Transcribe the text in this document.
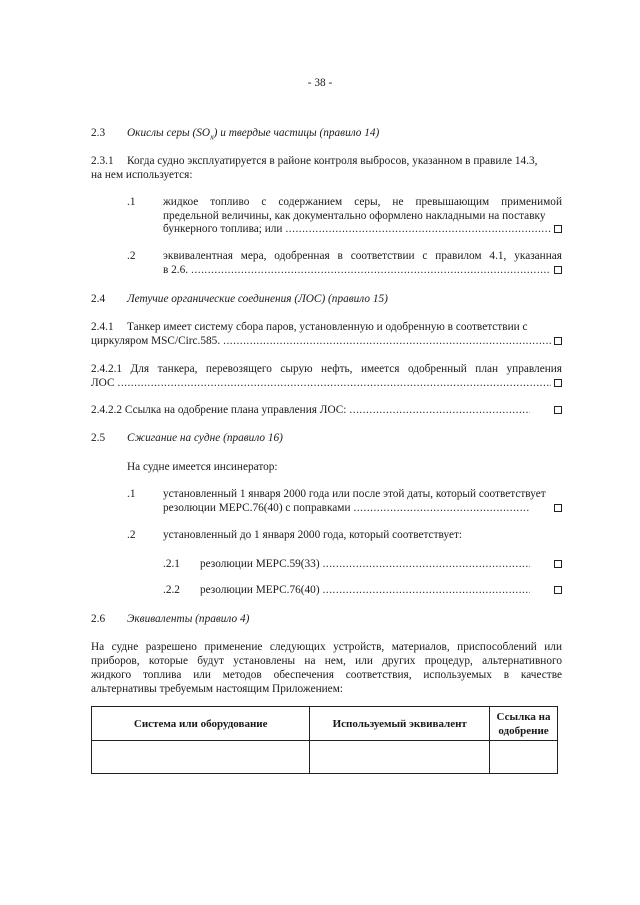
- 38 -
2.3 Окислы серы $(SO_x)$ и твердые частицы (правило 14)
2.3.1 Когда судно эксплуатируется в районе контроля выбросов, указанном в правиле 14.3,
на нем используется:
.1 жидкое топливо с содержанием серы, не превышающим применимой
предельной величины, как документально оформлено накладными на поставку
бункерного топлива; или
.....
.2 эквивалентная мера, одобренная в соответствии с правилом 4.1, указанная
в 2.6.
.....
2.4 Летучие органические соединения (ЛОС) (правило 15)
2.4.1 Танкер имеет систему сбора паров, установленную и одобренную в соответствии с
циркуляром MSC/Circ.585.
.....
2.4.2.1 Для танкера, перевозящего сырую нефть, имеется одобренный план управления
ЛОС
.....
2.4.2.2 Ссылка на одобрение плана управления ЛОС:
.....
2.5 Сжигание на судне (правило 16)
На судне имеется инсинератор:
.1 установленный 1 января 2000 года или после этой даты, который соответствует
резолюции МЕРС.76(40) с поправками
.....
.2 установленный до 1 января 2000 года, который соответствует:
.2.1 резолюции МЕРС.59(33)
.....
.2.2 резолюции МЕРС.76(40)
.....
2.6 Эквиваленты (правило 4)
На судне разрешено применение следующих устройств, материалов, приспособлений или
приборов, которые будут установлены на нем, или других процедур, альтернативного
жидкого топлива или методов обеспечения соответствия, используемых в качестве
альтернативы требуемым настоящим Приложением:
Система или оборудование	Используемый эквивалент	Ссылка на одобрение
